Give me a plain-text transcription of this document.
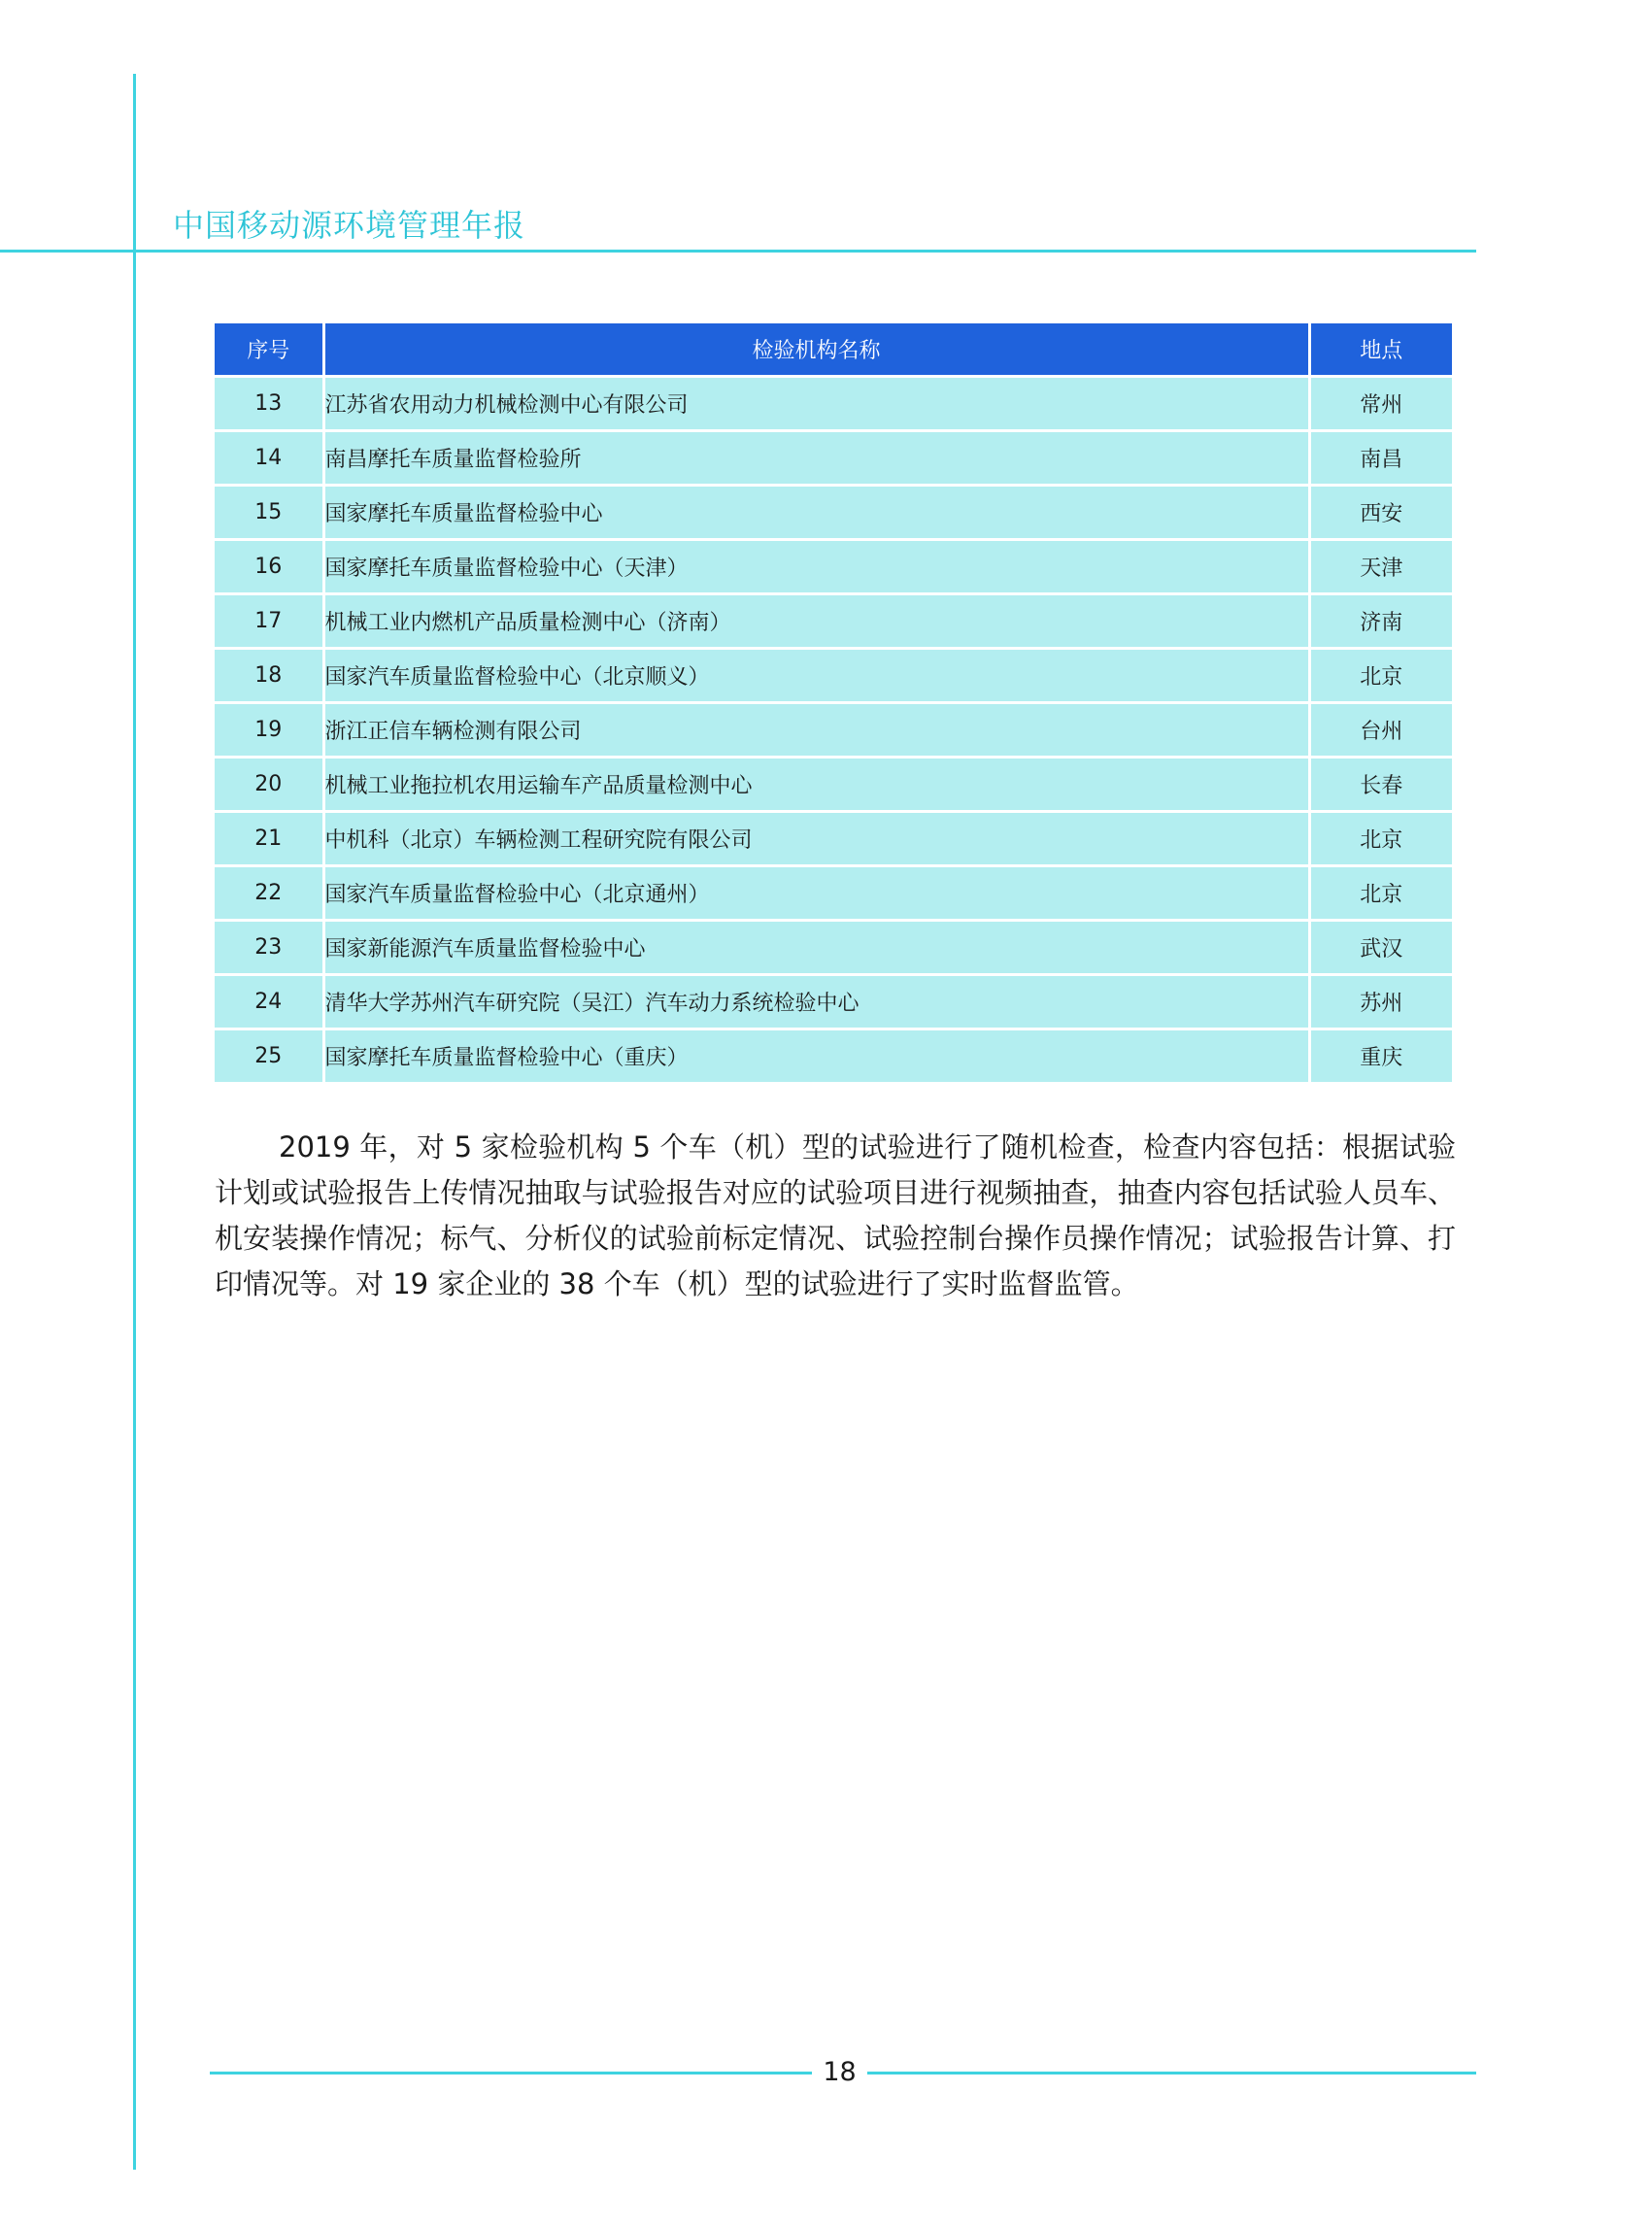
中国移动源环境管理年报
序号	检验机构名称	地点
13	江苏省农用动力机械检测中心有限公司	常州
14	南昌摩托车质量监督检验所	南昌
15	国家摩托车质量监督检验中心	西安
16	国家摩托车质量监督检验中心（天津）	天津
17	机械工业内燃机产品质量检测中心（济南）	济南
18	国家汽车质量监督检验中心（北京顺义）	北京
19	浙江正信车辆检测有限公司	台州
20	机械工业拖拉机农用运输车产品质量检测中心	长春
21	中机科（北京）车辆检测工程研究院有限公司	北京
22	国家汽车质量监督检验中心（北京通州）	北京
23	国家新能源汽车质量监督检验中心	武汉
24	清华大学苏州汽车研究院（吴江）汽车动力系统检验中心	苏州
25	国家摩托车质量监督检验中心（重庆）	重庆

2019 年，对 5 家检验机构 5 个车（机）型的试验进行了随机检查，检查内容包括：根据试验计划或试验报告上传情况抽取与试验报告对应的试验项目进行视频抽查，抽查内容包括试验人员车、机安装操作情况；标气、分析仪的试验前标定情况、试验控制台操作员操作情况；试验报告计算、打印情况等。对 19 家企业的 38 个车（机）型的试验进行了实时监督监管。

18
